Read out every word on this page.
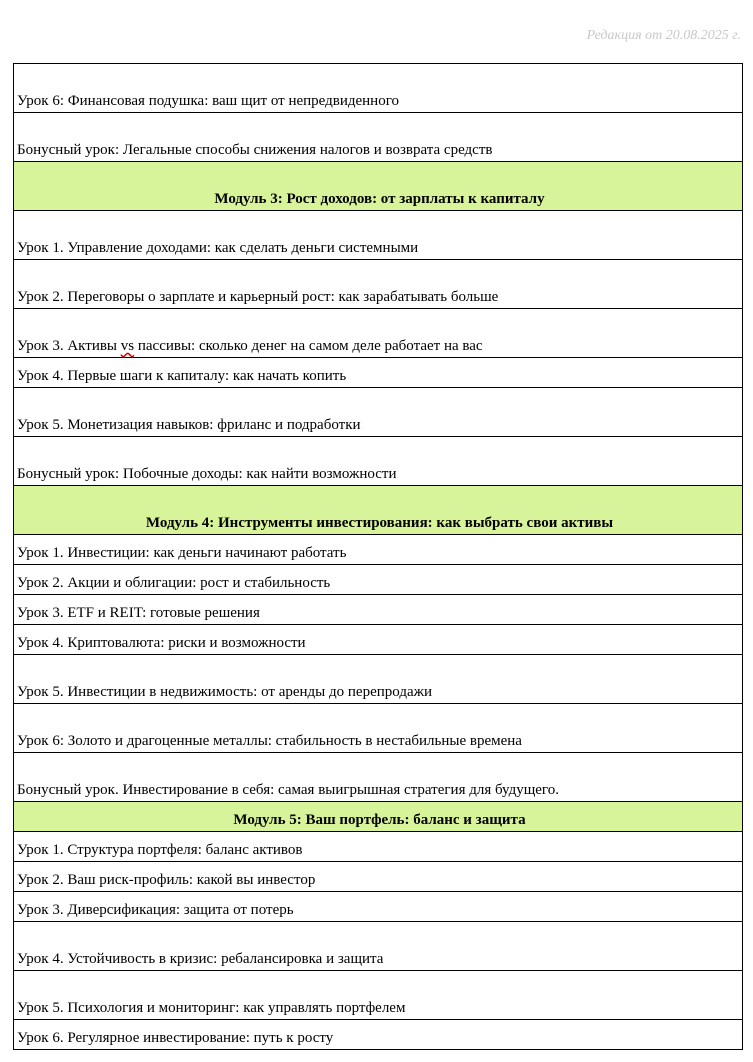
Редакция от 20.08.2025 г.
Урок 6: Финансовая подушка: ваш щит от непредвиденного
Бонусный урок: Легальные способы снижения налогов и возврата средств
Модуль 3: Рост доходов: от зарплаты к капиталу
Урок 1. Управление доходами: как сделать деньги системными
Урок 2. Переговоры о зарплате и карьерный рост: как зарабатывать больше
Урок 3. Активы vs пассивы: сколько денег на самом деле работает на вас
Урок 4. Первые шаги к капиталу: как начать копить
Урок 5. Монетизация навыков: фриланс и подработки
Бонусный урок: Побочные доходы: как найти возможности
Модуль 4: Инструменты инвестирования: как выбрать свои активы
Урок 1. Инвестиции: как деньги начинают работать
Урок 2. Акции и облигации: рост и стабильность
Урок 3. ETF и REIT: готовые решения
Урок 4. Криптовалюта: риски и возможности
Урок 5. Инвестиции в недвижимость: от аренды до перепродажи
Урок 6: Золото и драгоценные металлы: стабильность в нестабильные времена
Бонусный урок. Инвестирование в себя: самая выигрышная стратегия для будущего.
Модуль 5: Ваш портфель: баланс и защита
Урок 1. Структура портфеля: баланс активов
Урок 2. Ваш риск-профиль: какой вы инвестор
Урок 3. Диверсификация: защита от потерь
Урок 4. Устойчивость в кризис: ребалансировка и защита
Урок 5. Психология и мониторинг: как управлять портфелем
Урок 6. Регулярное инвестирование: путь к росту
